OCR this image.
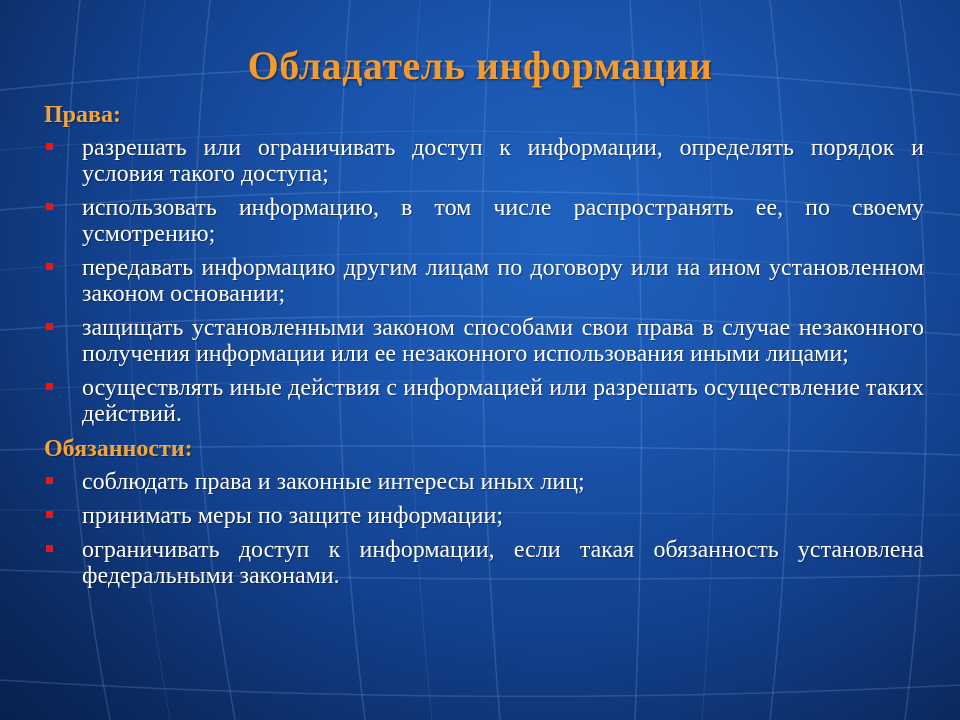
Обладатель информации
Права:
разрешать или ограничивать доступ к информации, определять порядок и условия такого доступа;
использовать информацию, в том числе распространять ее, по своему усмотрению;
передавать информацию другим лицам по договору или на ином установленном законом основании;
защищать установленными законом способами свои права в случае незаконного получения информации или ее незаконного использования иными лицами;
осуществлять иные действия с информацией или разрешать осуществление таких действий.
Обязанности:
соблюдать права и законные интересы иных лиц;
принимать меры по защите информации;
ограничивать доступ к информации, если такая обязанность установлена федеральными законами.
